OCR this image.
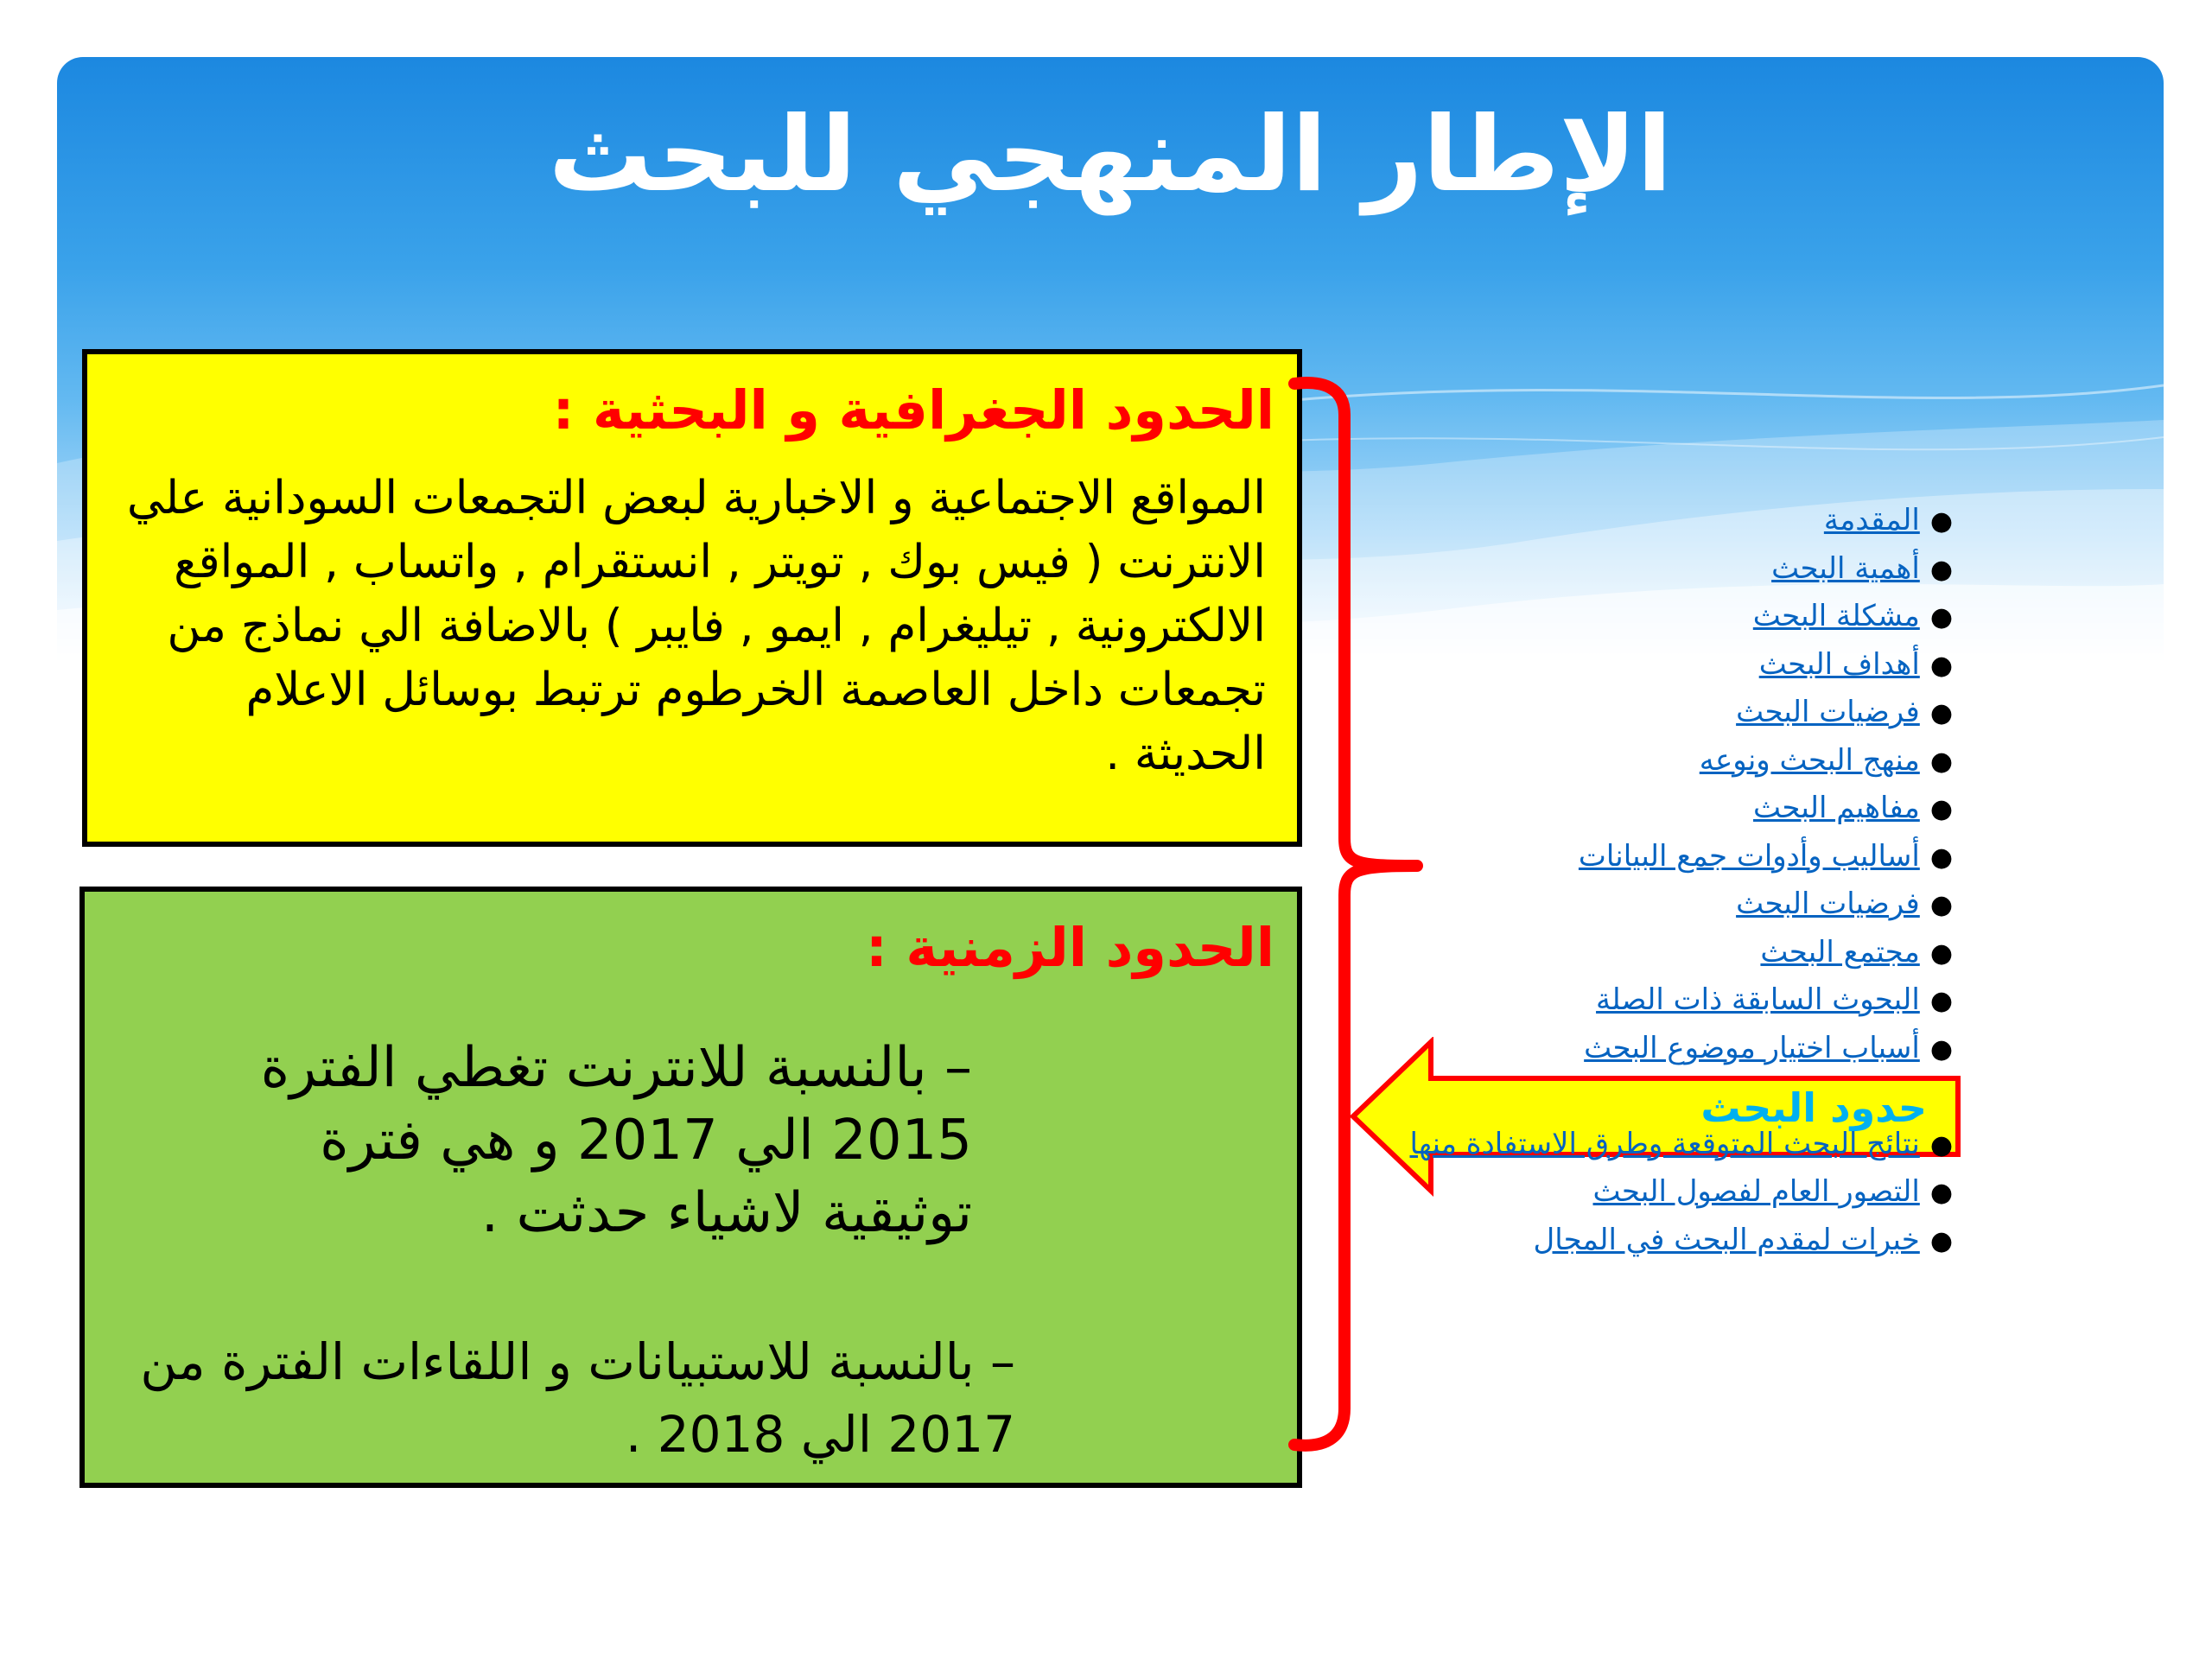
الإطار المنهجي للبحث
الحدود الجغرافية و البحثية :
المواقع الاجتماعية و الاخبارية لبعض التجمعات السودانية علي الانترنت ( فيس بوك , تويتر , انستقرام , واتساب , المواقع الالكترونية , تيليغرام , ايمو , فايبر ) بالاضافة الي نماذج من تجمعات داخل العاصمة الخرطوم ترتبط بوسائل الاعلام الحديثة .
الحدود الزمنية :
– بالنسبة للانترنت تغطي الفترة 2015 الي 2017 و هي فترة توثيقية لاشياء حدثت .
– بالنسبة للاستبيانات و اللقاءات الفترة من 2017 الي 2018 .
حدود البحث
●المقدمة
●أهمية البحث
●مشكلة البحث
●أهداف البحث
●فرضيات البحث
●منهج البحث ونوعه
●مفاهيم البحث
●أساليب وأدوات جمع البيانات
●فرضيات البحث
●مجتمع البحث
●البحوث السابقة ذات الصلة
●أسباب اختيار موضوع البحث
●نتائج البحث المتوقعة وطرق الاستفادة منها
●التصور العام لفصول البحث
●خبرات لمقدم البحث في المجال
